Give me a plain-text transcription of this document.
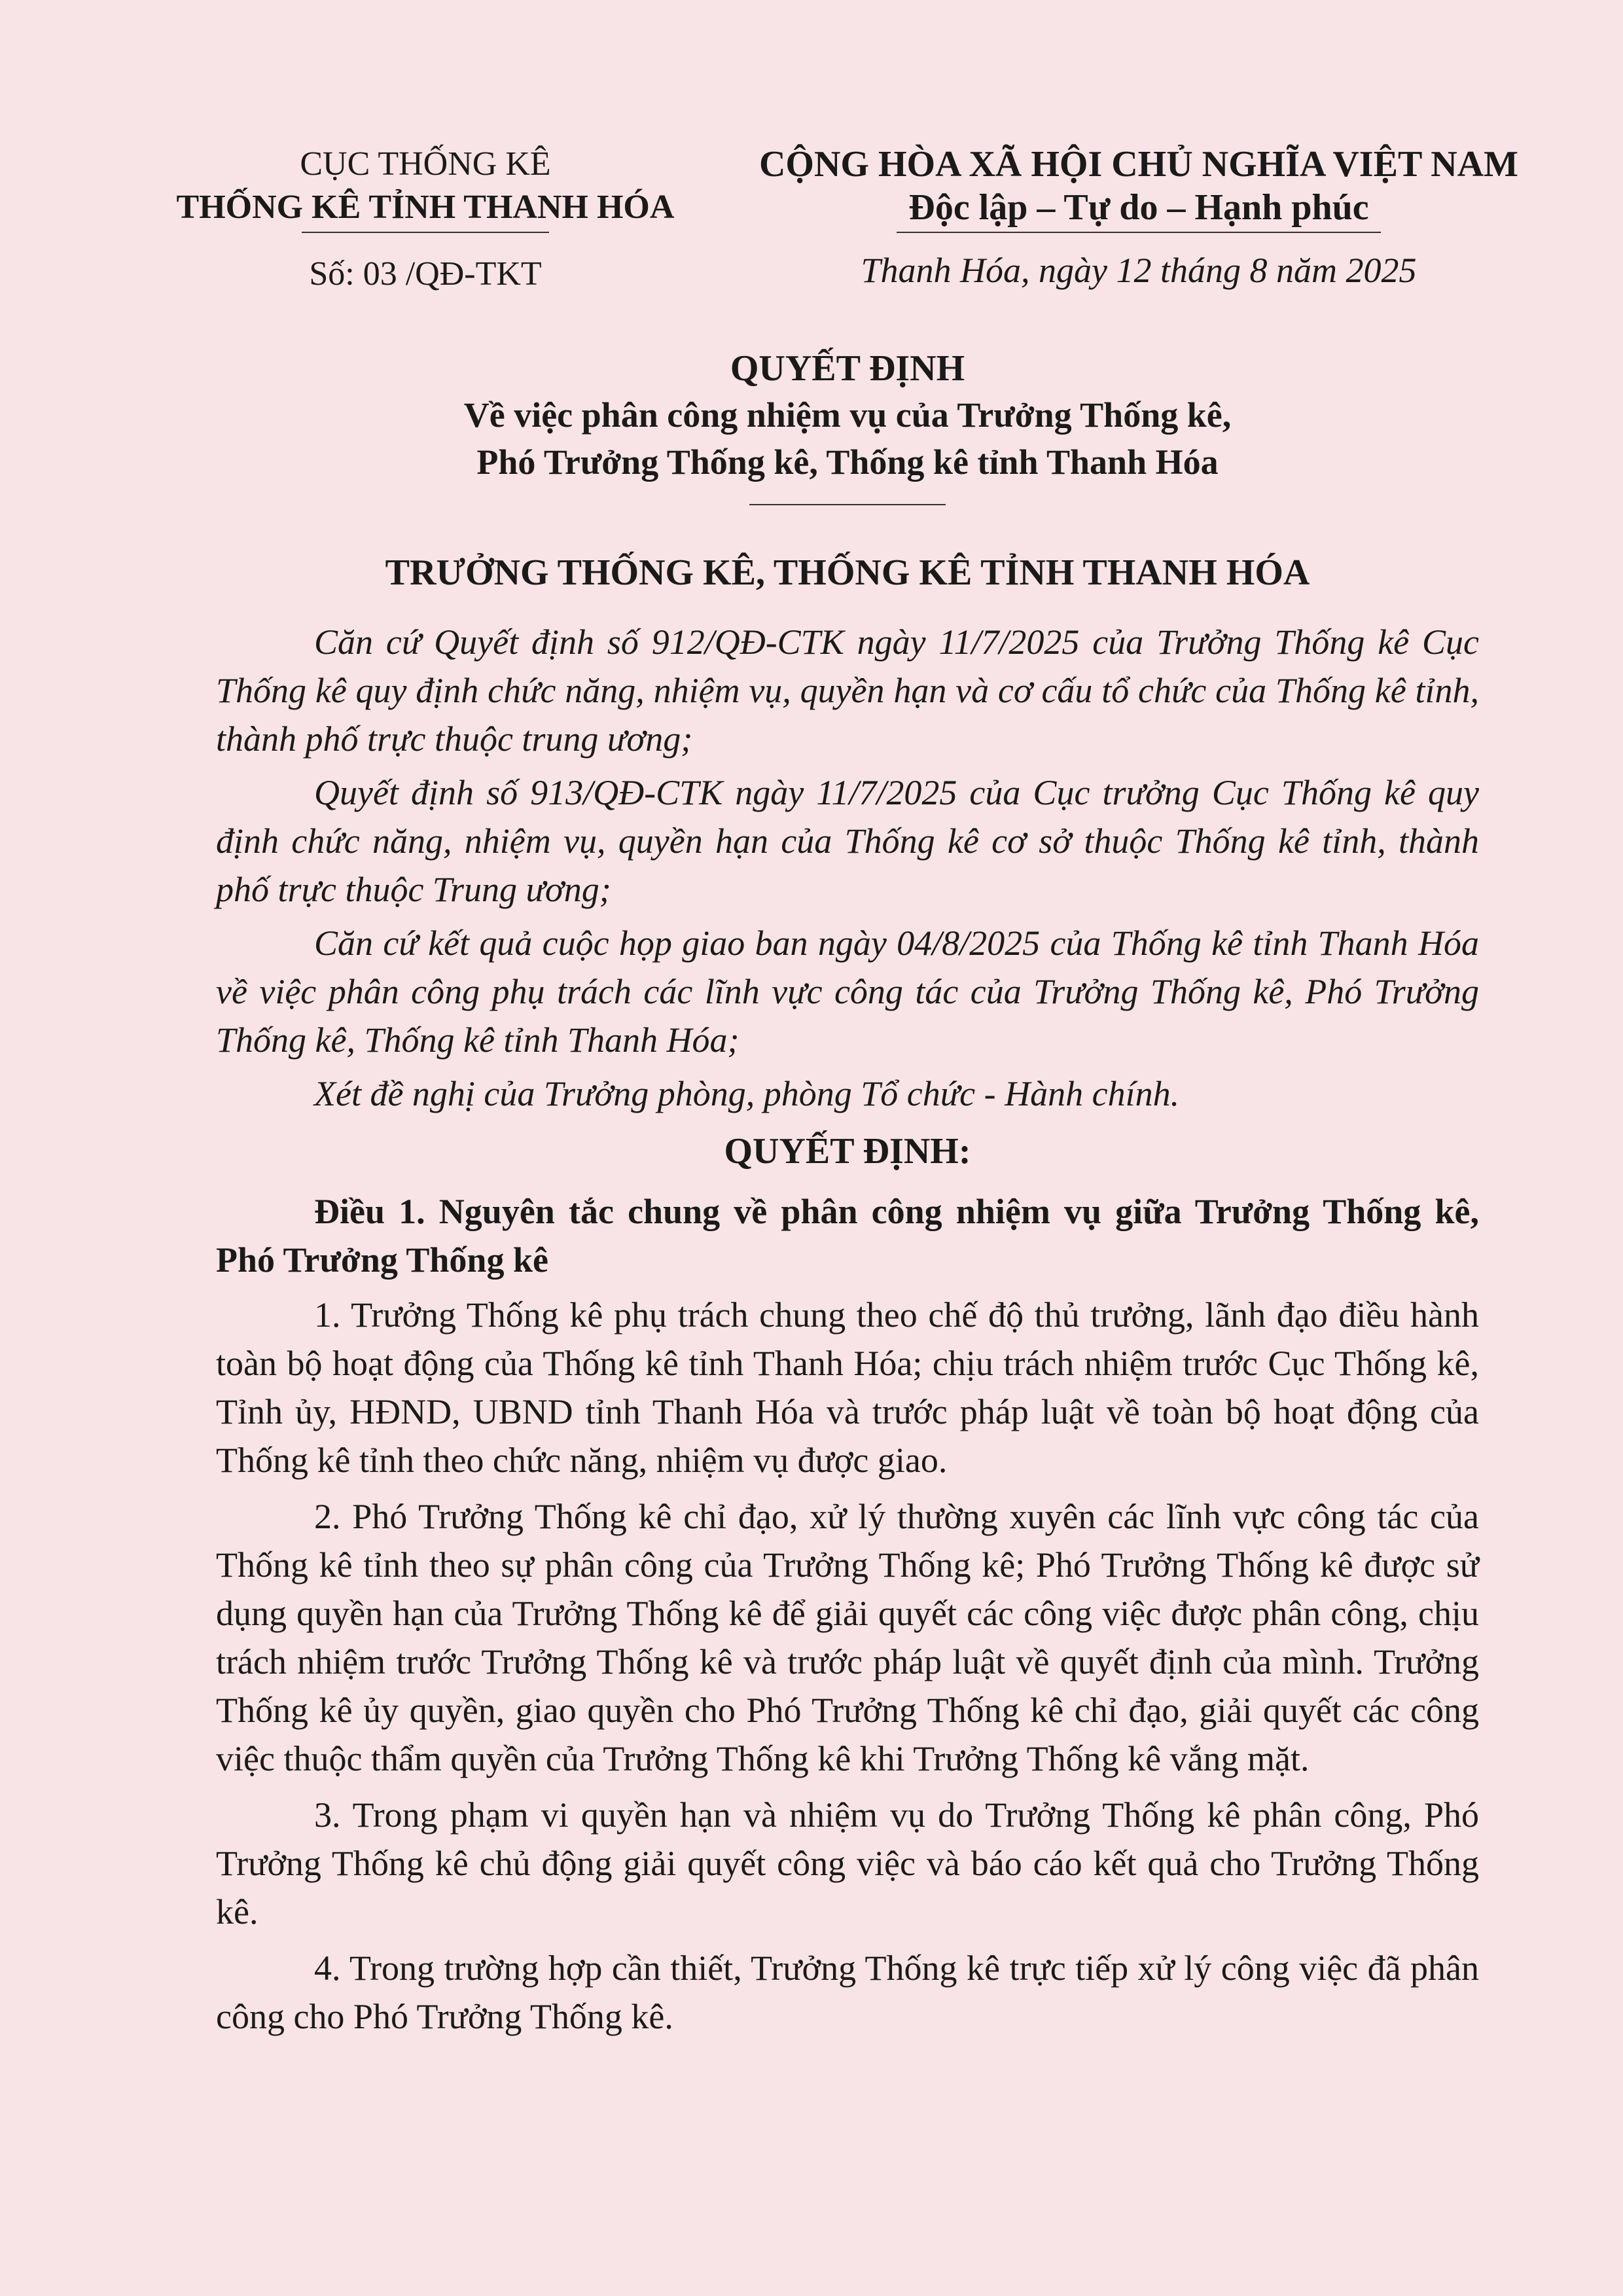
CỤC THỐNG KÊ
THỐNG KÊ TỈNH THANH HÓA
Số: 03 /QĐ-TKT
CỘNG HÒA XÃ HỘI CHỦ NGHĨA VIỆT NAM
Độc lập – Tự do – Hạnh phúc
Thanh Hóa, ngày 12 tháng 8 năm 2025
QUYẾT ĐỊNH
Về việc phân công nhiệm vụ của Trưởng Thống kê,
Phó Trưởng Thống kê, Thống kê tỉnh Thanh Hóa
TRƯỞNG THỐNG KÊ, THỐNG KÊ TỈNH THANH HÓA

Căn cứ Quyết định số 912/QĐ-CTK ngày 11/7/2025 của Trưởng Thống kê Cục Thống kê quy định chức năng, nhiệm vụ, quyền hạn và cơ cấu tổ chức của Thống kê tỉnh, thành phố trực thuộc trung ương;

Quyết định số 913/QĐ-CTK ngày 11/7/2025 của Cục trưởng Cục Thống kê quy định chức năng, nhiệm vụ, quyền hạn của Thống kê cơ sở thuộc Thống kê tỉnh, thành phố trực thuộc Trung ương;

Căn cứ kết quả cuộc họp giao ban ngày 04/8/2025 của Thống kê tỉnh Thanh Hóa về việc phân công phụ trách các lĩnh vực công tác của Trưởng Thống kê, Phó Trưởng Thống kê, Thống kê tỉnh Thanh Hóa;

Xét đề nghị của Trưởng phòng, phòng Tổ chức - Hành chính.

QUYẾT ĐỊNH:

Điều 1. Nguyên tắc chung về phân công nhiệm vụ giữa Trưởng Thống kê, Phó Trưởng Thống kê

1. Trưởng Thống kê phụ trách chung theo chế độ thủ trưởng, lãnh đạo điều hành toàn bộ hoạt động của Thống kê tỉnh Thanh Hóa; chịu trách nhiệm trước Cục Thống kê, Tỉnh ủy, HĐND, UBND tỉnh Thanh Hóa và trước pháp luật về toàn bộ hoạt động của Thống kê tỉnh theo chức năng, nhiệm vụ được giao.

2. Phó Trưởng Thống kê chỉ đạo, xử lý thường xuyên các lĩnh vực công tác của Thống kê tỉnh theo sự phân công của Trưởng Thống kê; Phó Trưởng Thống kê được sử dụng quyền hạn của Trưởng Thống kê để giải quyết các công việc được phân công, chịu trách nhiệm trước Trưởng Thống kê và trước pháp luật về quyết định của mình. Trưởng Thống kê ủy quyền, giao quyền cho Phó Trưởng Thống kê chỉ đạo, giải quyết các công việc thuộc thẩm quyền của Trưởng Thống kê khi Trưởng Thống kê vắng mặt.

3. Trong phạm vi quyền hạn và nhiệm vụ do Trưởng Thống kê phân công, Phó Trưởng Thống kê chủ động giải quyết công việc và báo cáo kết quả cho Trưởng Thống kê.

4. Trong trường hợp cần thiết, Trưởng Thống kê trực tiếp xử lý công việc đã phân công cho Phó Trưởng Thống kê.
